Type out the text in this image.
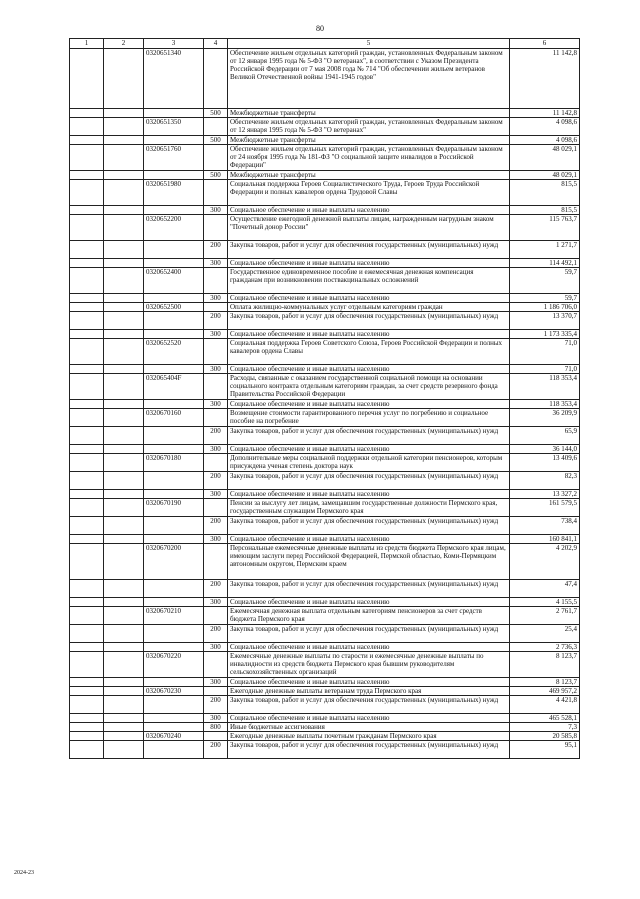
80
1	2	3	4	5	6
		0320651340		Обеспечение жильем отдельных категорий граждан, установленных Федеральным законом от 12 января 1995 года № 5-ФЗ "О ветеранах", в соответствии с Указом Президента Российской Федерации от 7 мая 2008 года № 714 "Об обеспечении жильем ветеранов Великой Отечественной войны 1941-1945 годов"	11 142,8
			500	Межбюджетные трансферты	11 142,8
		0320651350		Обеспечение жильем отдельных категорий граждан, установленных Федеральным законом от 12 января 1995 года № 5-ФЗ "О ветеранах"	4 098,6
			500	Межбюджетные трансферты	4 098,6
		0320651760		Обеспечение жильем отдельных категорий граждан, установленных Федеральным законом от 24 ноября 1995 года № 181-ФЗ "О социальной защите инвалидов в Российской Федерации"	48 029,1
			500	Межбюджетные трансферты	48 029,1
		0320651980		Социальная поддержка Героев Социалистического Труда, Героев Труда Российской Федерации и полных кавалеров ордена Трудовой Славы	815,5
			300	Социальное обеспечение и иные выплаты населению	815,5
		0320652200		Осуществление ежегодной денежной выплаты лицам, награжденным нагрудным знаком "Почетный донор России"	115 763,7
			200	Закупка товаров, работ и услуг для обеспечения государственных (муниципальных) нужд	1 271,7
			300	Социальное обеспечение и иные выплаты населению	114 492,1
		0320652400		Государственное единовременное пособие и ежемесячная денежная компенсация гражданам при возникновении поствакцинальных осложнений	59,7
			300	Социальное обеспечение и иные выплаты населению	59,7
		0320652500		Оплата жилищно-коммунальных услуг отдельным категориям граждан	1 186 706,0
			200	Закупка товаров, работ и услуг для обеспечения государственных (муниципальных) нужд	13 370,7
			300	Социальное обеспечение и иные выплаты населению	1 173 335,4
		0320652520		Социальная поддержка Героев Советского Союза, Героев Российской Федерации и полных кавалеров ордена Славы	71,0
			300	Социальное обеспечение и иные выплаты населению	71,0
		032065404F		Расходы, связанные с оказанием государственной социальной помощи на основании социального контракта отдельным категориям граждан, за счет средств резервного фонда Правительства Российской Федерации	118 353,4
			300	Социальное обеспечение и иные выплаты населению	118 353,4
		0320670160		Возмещение стоимости гарантированного перечня услуг по погребению и социальное пособие на погребение	36 209,9
			200	Закупка товаров, работ и услуг для обеспечения государственных (муниципальных) нужд	65,9
			300	Социальное обеспечение и иные выплаты населению	36 144,0
		0320670180		Дополнительные меры социальной поддержки отдельной категории пенсионеров, которым присуждена ученая степень доктора наук	13 409,6
			200	Закупка товаров, работ и услуг для обеспечения государственных (муниципальных) нужд	82,3
			300	Социальное обеспечение и иные выплаты населению	13 327,2
		0320670190		Пенсии за выслугу лет лицам, замещавшим государственные должности Пермского края, государственным служащим Пермского края	161 579,5
			200	Закупка товаров, работ и услуг для обеспечения государственных (муниципальных) нужд	738,4
			300	Социальное обеспечение и иные выплаты населению	160 841,1
		0320670200		Персональные ежемесячные денежные выплаты из средств бюджета Пермского края лицам, имеющим заслуги перед Российской Федерацией, Пермской областью, Коми-Пермяцким автономным округом, Пермским краем	4 202,9
			200	Закупка товаров, работ и услуг для обеспечения государственных (муниципальных) нужд	47,4
			300	Социальное обеспечение и иные выплаты населению	4 155,5
		0320670210		Ежемесячная денежная выплата отдельным категориям пенсионеров за счет средств бюджета Пермского края	2 761,7
			200	Закупка товаров, работ и услуг для обеспечения государственных (муниципальных) нужд	25,4
			300	Социальное обеспечение и иные выплаты населению	2 736,3
		0320670220		Ежемесячные денежные выплаты по старости и ежемесячные денежные выплаты по инвалидности из средств бюджета Пермского края бывшим руководителям сельскохозяйственных организаций	8 123,7
			300	Социальное обеспечение и иные выплаты населению	8 123,7
		0320670230		Ежегодные денежные выплаты ветеранам труда Пермского края	469 957,2
			200	Закупка товаров, работ и услуг для обеспечения государственных (муниципальных) нужд	4 421,8
			300	Социальное обеспечение и иные выплаты населению	465 528,1
			800	Иные бюджетные ассигнования	7,3
		0320670240		Ежегодные денежные выплаты почетным гражданам Пермского края	20 585,8
			200	Закупка товаров, работ и услуг для обеспечения государственных (муниципальных) нужд	95,1
2024-23
